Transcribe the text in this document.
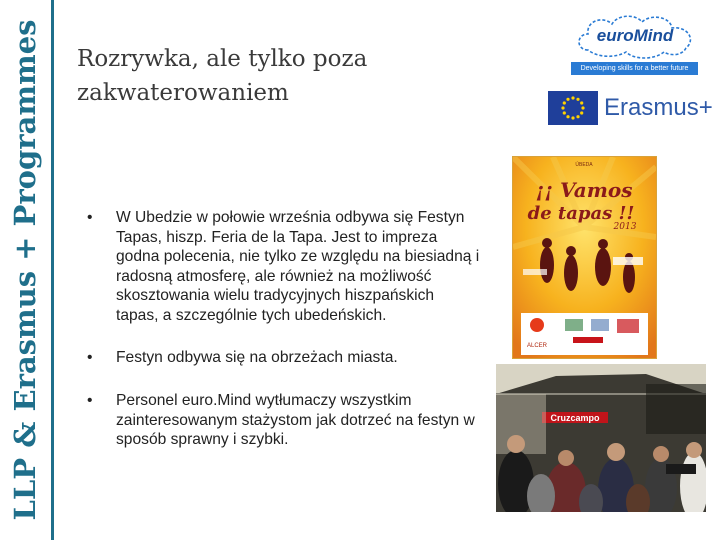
LLP & Erasmus + Programmes Rozrywka, ale tylko poza zakwaterowaniem
• W Ubedzie w połowie września odbywa się Festyn Tapas, hiszp. Feria de la Tapa. Jest to impreza godna polecenia, nie tylko ze względu na biesiadną i radosną atmosferę, ale również na możliwość skosztowania wielu tradycyjnych hiszpańskich tapas, a szczególnie tych ubedeńskich.
• Festyn odbywa się na obrzeżach miasta.
• Personel euro.Mind wytłumaczy wszystkim zainteresowanym stażystom jak dotrzeć na festyn w sposób sprawny i szybki.
euroMind
Developing skills for a better future
Erasmus+
ÚBEDA
¡¡ Vamos
de tapas !!
2013
ALCER
Cruzcampo
